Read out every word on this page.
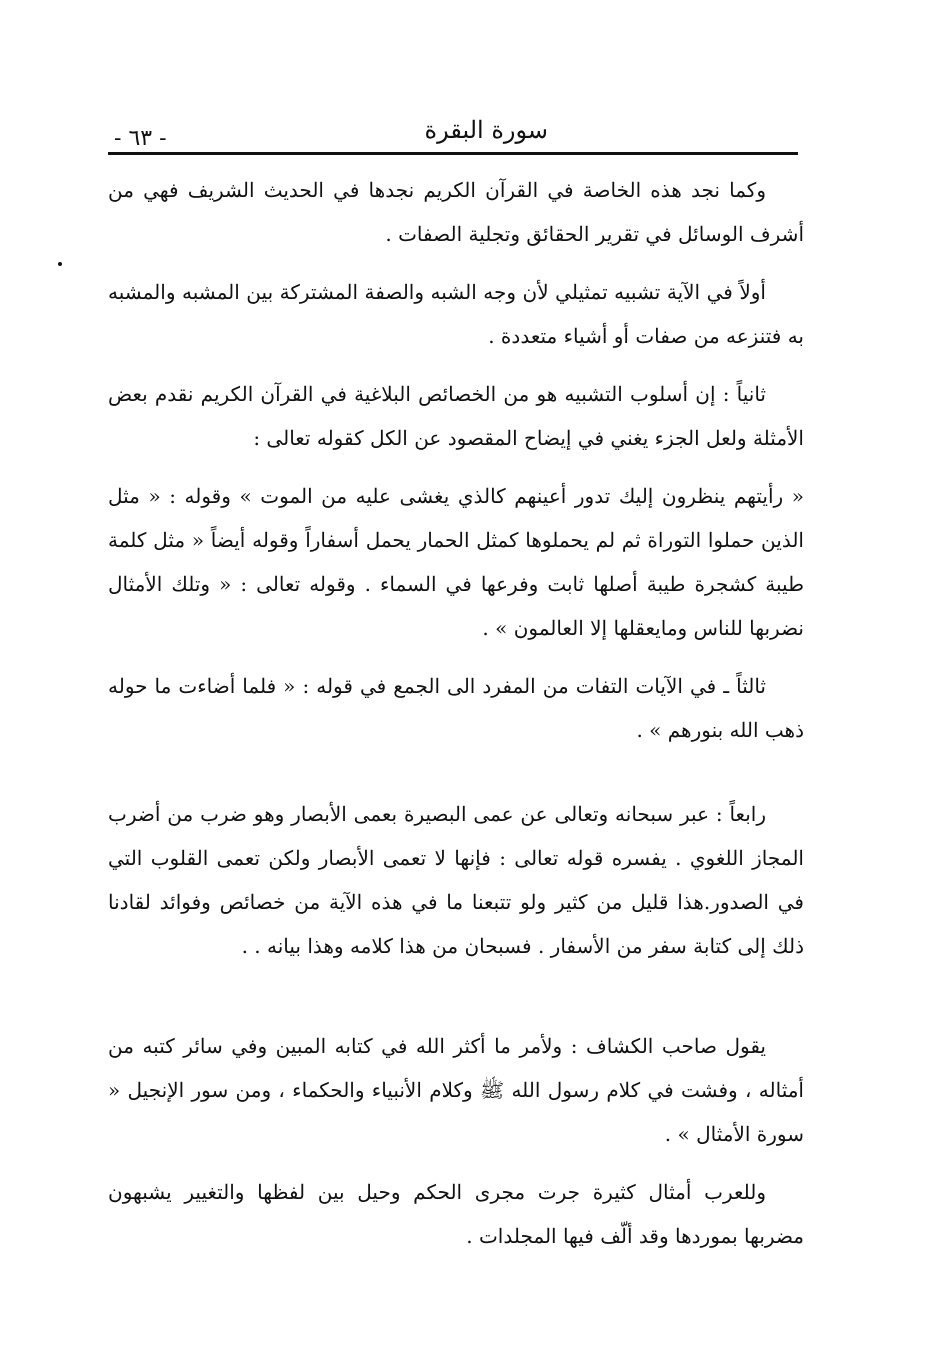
سورة البقرة
- ٦٣ -

وكما نجد هذه الخاصة في القرآن الكريم نجدها في الحديث الشريف فهي من أشرف الوسائل في تقرير الحقائق وتجلية الصفات .

أولاً في الآية تشبيه تمثيلي لأن وجه الشبه والصفة المشتركة بين المشبه والمشبه به فتنزعه من صفات أو أشياء متعددة .

ثانياً : إن أسلوب التشبيه هو من الخصائص البلاغية في القرآن الكريم نقدم بعض الأمثلة ولعل الجزء يغني في إيضاح المقصود عن الكل كقوله تعالى :

« رأيتهم ينظرون إليك تدور أعينهم كالذي يغشى عليه من الموت » وقوله : « مثل الذين حملوا التوراة ثم لم يحملوها كمثل الحمار يحمل أسفاراً وقوله أيضاً « مثل كلمة طيبة كشجرة طيبة أصلها ثابت وفرعها في السماء . وقوله تعالى : « وتلك الأمثال نضربها للناس ومايعقلها إلا العالمون » .

ثالثاً ـ في الآيات التفات من المفرد الى الجمع في قوله : « فلما أضاءت ما حوله ذهب الله بنورهم » .

رابعاً : عبر سبحانه وتعالى عن عمى البصيرة بعمى الأبصار وهو ضرب من أضرب المجاز اللغوي . يفسره قوله تعالى : فإنها لا تعمى الأبصار ولكن تعمى القلوب التي في الصدور.هذا قليل من كثير ولو تتبعنا ما في هذه الآية من خصائص وفوائد لقادنا ذلك إلى كتابة سفر من الأسفار . فسبحان من هذا كلامه وهذا بيانه . .

يقول صاحب الكشاف : ولأمر ما أكثر الله في كتابه المبين وفي سائر كتبه من أمثاله ، وفشت في كلام رسول الله ﷺ وكلام الأنبياء والحكماء ، ومن سور الإنجيل « سورة الأمثال » .

وللعرب أمثال كثيرة جرت مجرى الحكم وحيل بين لفظها والتغيير يشبهون مضربها بموردها وقد ألّف فيها المجلدات .
